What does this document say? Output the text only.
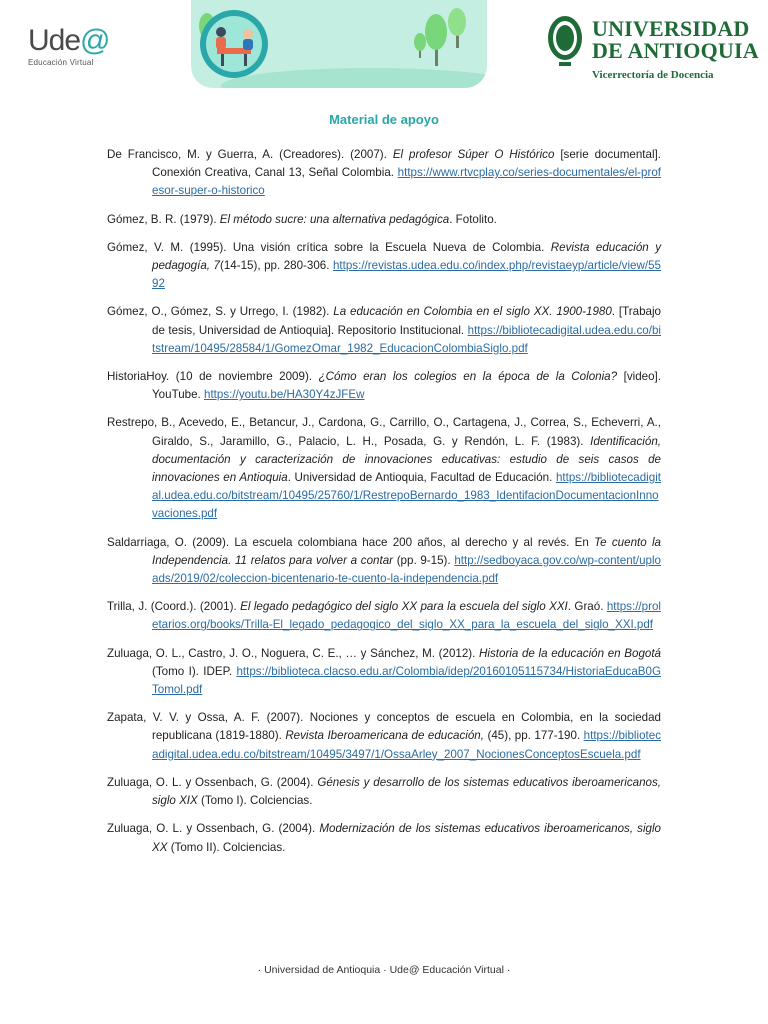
Ude@
Educación Virtual
UNIVERSIDAD
DE ANTIOQUIA
Vicerrectoría de Docencia
Material de apoyo

De Francisco, M. y Guerra, A. (Creadores). (2007). El profesor Súper O Histórico [serie documental]. Conexión Creativa, Canal 13, Señal Colombia. https://www.rtvcplay.co/series-documentales/el-profesor-super-o-historico

Gómez, B. R. (1979). El método sucre: una alternativa pedagógica. Fotolito.

Gómez, V. M. (1995). Una visión crítica sobre la Escuela Nueva de Colombia. Revista educación y pedagogía, 7(14-15), pp. 280-306. https://revistas.udea.edu.co/index.php/revistaeyp/article/view/5592

Gómez, O., Gómez, S. y Urrego, I. (1982). La educación en Colombia en el siglo XX. 1900-1980. [Trabajo de tesis, Universidad de Antioquia]. Repositorio Institucional. https://bibliotecadigital.udea.edu.co/bitstream/10495/28584/1/GomezOmar_1982_EducacionColombiaSiglo.pdf

HistoriaHoy. (10 de noviembre 2009). ¿Cómo eran los colegios en la época de la Colonia? [video]. YouTube. https://youtu.be/HA30Y4zJFEw

Restrepo, B., Acevedo, E., Betancur, J., Cardona, G., Carrillo, O., Cartagena, J., Correa, S., Echeverri, A., Giraldo, S., Jaramillo, G., Palacio, L. H., Posada, G. y Rendón, L. F. (1983). Identificación, documentación y caracterización de innovaciones educativas: estudio de seis casos de innovaciones en Antioquia. Universidad de Antioquia, Facultad de Educación. https://bibliotecadigital.udea.edu.co/bitstream/10495/25760/1/RestrepoBernardo_1983_IdentifacionDocumentacionInnovaciones.pdf

Saldarriaga, O. (2009). La escuela colombiana hace 200 años, al derecho y al revés. En Te cuento la Independencia. 11 relatos para volver a contar (pp. 9-15). http://sedboyaca.gov.co/wp-content/uploads/2019/02/coleccion-bicentenario-te-cuento-la-independencia.pdf

Trilla, J. (Coord.). (2001). El legado pedagógico del siglo XX para la escuela del siglo XXI. Graó. https://proletarios.org/books/Trilla-El_legado_pedagogico_del_siglo_XX_para_la_escuela_del_siglo_XXI.pdf

Zuluaga, O. L., Castro, J. O., Noguera, C. E., … y Sánchez, M. (2012). Historia de la educación en Bogotá (Tomo I). IDEP. https://biblioteca.clacso.edu.ar/Colombia/idep/20160105115734/HistoriaEducaB0GTomol.pdf

Zapata, V. V. y Ossa, A. F. (2007). Nociones y conceptos de escuela en Colombia, en la sociedad republicana (1819-1880). Revista Iberoamericana de educación, (45), pp. 177-190. https://bibliotecadigital.udea.edu.co/bitstream/10495/3497/1/OssaArley_2007_NocionesConceptosEscuela.pdf

Zuluaga, O. L. y Ossenbach, G. (2004). Génesis y desarrollo de los sistemas educativos iberoamericanos, siglo XIX (Tomo I). Colciencias.

Zuluaga, O. L. y Ossenbach, G. (2004). Modernización de los sistemas educativos iberoamericanos, siglo XX (Tomo II). Colciencias.

· Universidad de Antioquia · Ude@ Educación Virtual ·
